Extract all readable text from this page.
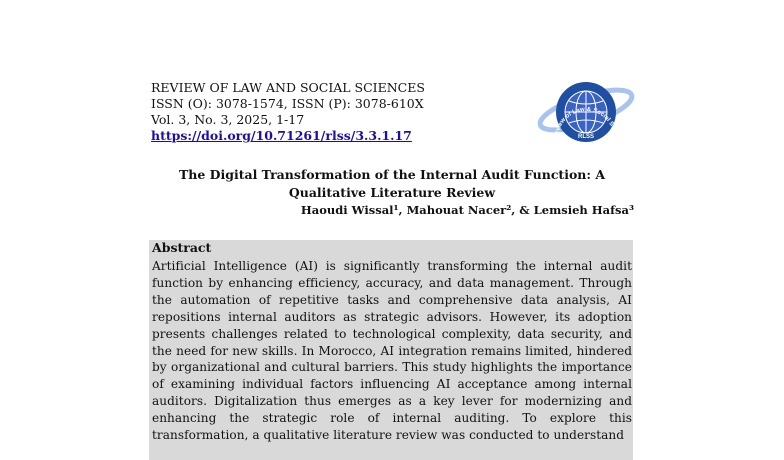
REVIEW OF LAW AND SOCIAL SCIENCES
ISSN (O): 3078-1574, ISSN (P): 3078-610X
Vol. 3, No. 3, 2025, 1-17
https://doi.org/10.71261/rlss/3.3.1.17	Review of Law & Social Scien
RLSS
The Digital Transformation of the Internal Audit Function: A
Qualitative Literature Review
Haoudi Wissal¹, Mahouat Nacer², & Lemsieh Hafsa³
Abstract
Artificial Intelligence (AI) is significantly transforming the internal audit function by enhancing efficiency, accuracy, and data management. Through the automation of repetitive tasks and comprehensive data analysis, AI repositions internal auditors as strategic advisors. However, its adoption presents challenges related to technological complexity, data security, and the need for new skills. In Morocco, AI integration remains limited, hindered by organizational and cultural barriers. This study highlights the importance of examining individual factors influencing AI acceptance among internal auditors. Digitalization thus emerges as a key lever for modernizing and enhancing the strategic role of internal auditing. To explore this transformation, a qualitative literature review was conducted to understand
